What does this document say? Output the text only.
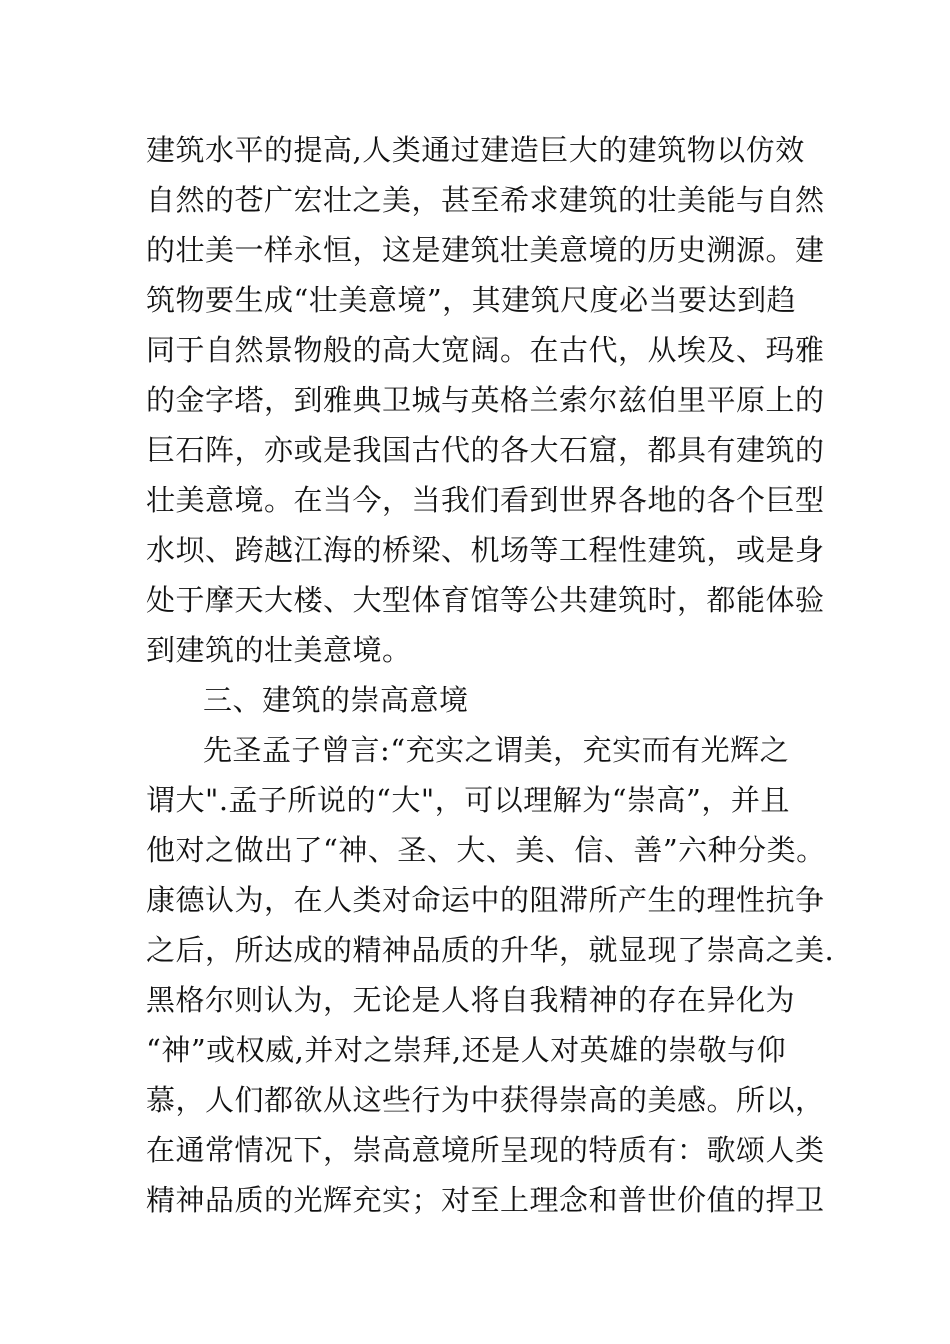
建筑水平的提高,人类通过建造巨大的建筑物以仿效
自然的苍广宏壮之美，甚至希求建筑的壮美能与自然
的壮美一样永恒，这是建筑壮美意境的历史溯源。建
筑物要生成“壮美意境”，其建筑尺度必当要达到趋
同于自然景物般的高大宽阔。在古代，从埃及、玛雅
的金字塔，到雅典卫城与英格兰索尔兹伯里平原上的
巨石阵，亦或是我国古代的各大石窟，都具有建筑的
壮美意境。在当今，当我们看到世界各地的各个巨型
水坝、跨越江海的桥梁、机场等工程性建筑，或是身
处于摩天大楼、大型体育馆等公共建筑时，都能体验
到建筑的壮美意境。
三、建筑的崇高意境
先圣孟子曾言:“充实之谓美，充实而有光辉之
谓大".孟子所说的“大"，可以理解为“崇高”，并且
他对之做出了“神、圣、大、美、信、善”六种分类。
康德认为，在人类对命运中的阻滞所产生的理性抗争
之后，所达成的精神品质的升华，就显现了崇高之美.
黑格尔则认为，无论是人将自我精神的存在异化为
“神”或权威,并对之崇拜,还是人对英雄的崇敬与仰
慕，人们都欲从这些行为中获得崇高的美感。所以，
在通常情况下，崇高意境所呈现的特质有：歌颂人类
精神品质的光辉充实；对至上理念和普世价值的捍卫
